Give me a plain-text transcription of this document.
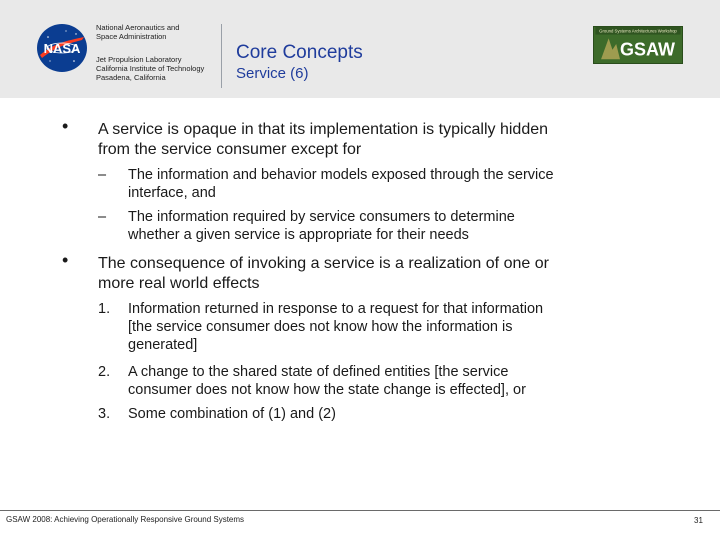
NASA
National Aeronautics and
Space Administration
Jet Propulsion Laboratory
California Institute of Technology
Pasadena, California
Core Concepts
Service (6)
Ground Systems Architectures Workshop
GSAW
• A service is opaque in that its implementation is typically hidden
from the service consumer except for
– The information and behavior models exposed through the service
interface, and
– The information required by service consumers to determine
whether a given service is appropriate for their needs
• The consequence of invoking a service is a realization of one or
more real world effects
1. Information returned in response to a request for that information
[the service consumer does not know how the information is
generated]
2. A change to the shared state of defined entities [the service
consumer does not know how the state change is effected], or
3. Some combination of (1) and (2)
GSAW 2008: Achieving Operationally Responsive Ground Systems	31
